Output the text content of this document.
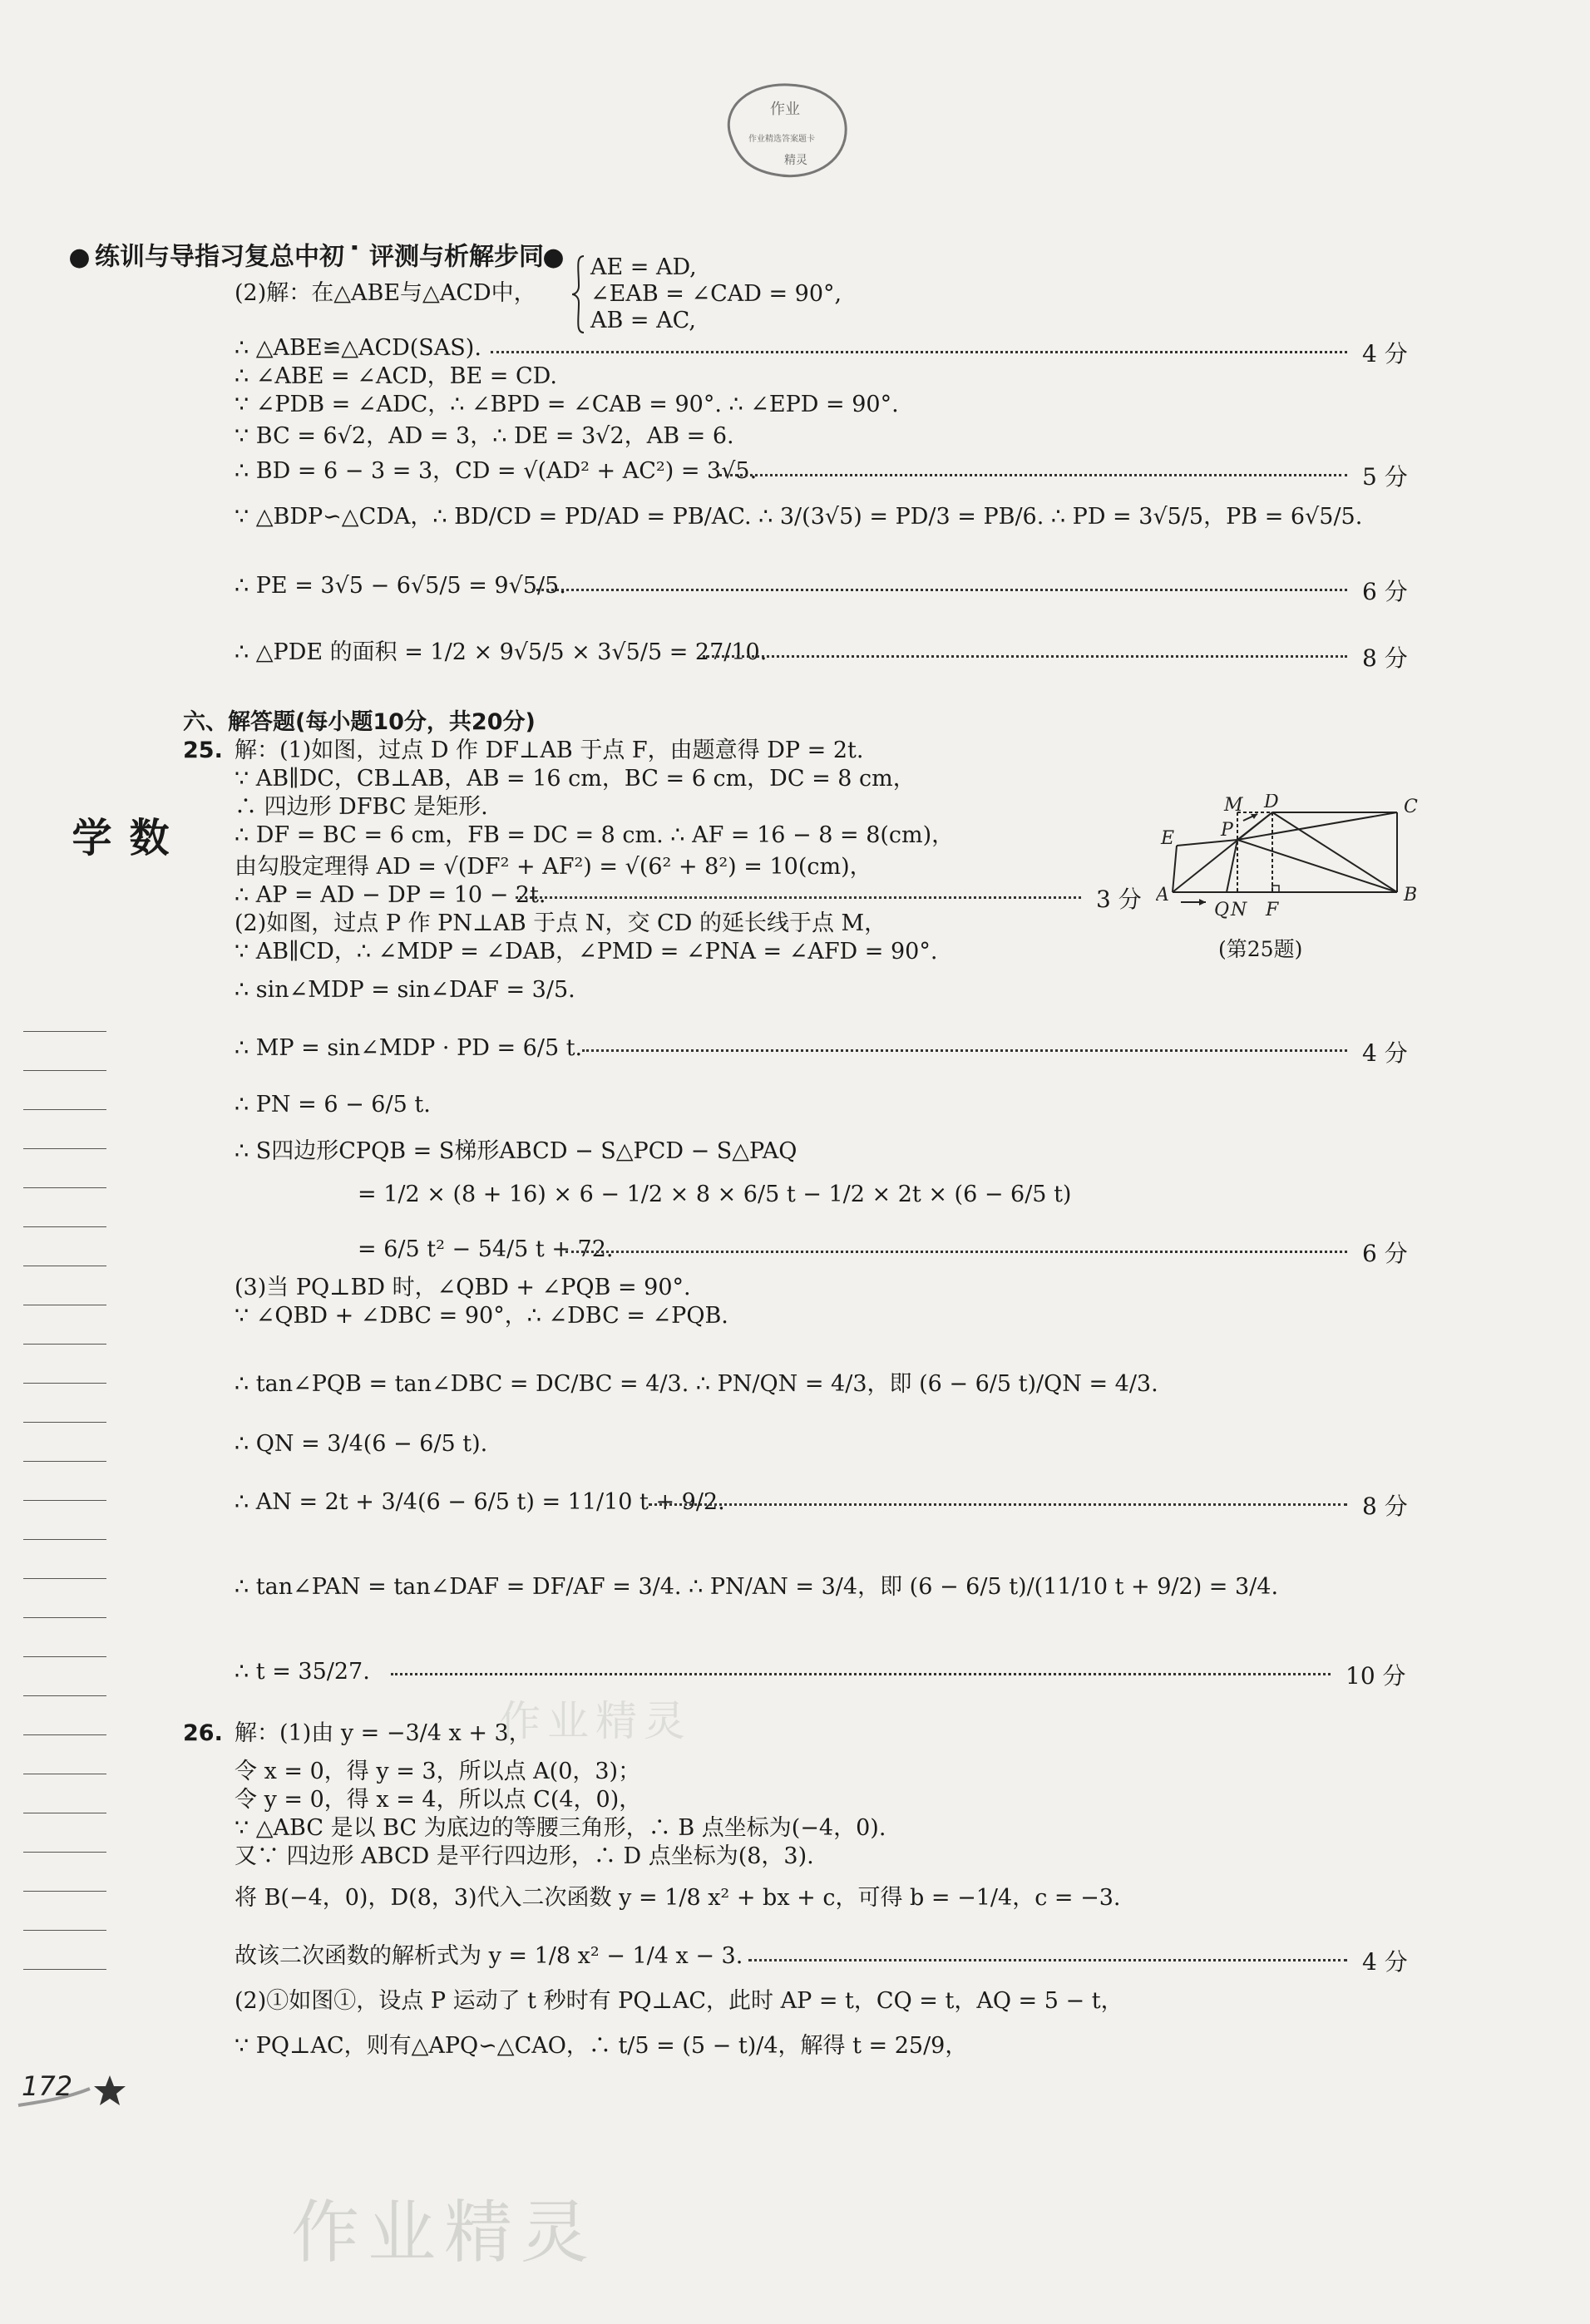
作业
作业精选答案题卡
精灵
●同步解析与测评·初中总复习指导与训练●
数学
(2)解：在△ABE与△ACD中，
AE = AD,
∠EAB = ∠CAD = 90°,
AB = AC,
∴ △ABE≌△ACD(SAS).	4 分
∴ ∠ABE = ∠ACD，BE = CD.
∵ ∠PDB = ∠ADC，∴ ∠BPD = ∠CAB = 90°. ∴ ∠EPD = 90°.
∵ BC = 6√2，AD = 3，∴ DE = 3√2，AB = 6.
∴ BD = 6 − 3 = 3，CD = √(AD² + AC²) = 3√5.	5 分
∵ △BDP∽△CDA，∴ BD/CD = PD/AD = PB/AC. ∴ 3/(3√5) = PD/3 = PB/6. ∴ PD = 3√5/5，PB = 6√5/5.
∴ PE = 3√5 − 6√5/5 = 9√5/5.	6 分
∴ △PDE 的面积 = 1/2 × 9√5/5 × 3√5/5 = 27/10.	8 分
六、解答题(每小题10分，共20分)
25. 解：(1)如图，过点 D 作 DF⊥AB 于点 F，由题意得 DP = 2t.
∵ AB∥DC，CB⊥AB，AB = 16 cm，BC = 6 cm，DC = 8 cm，
∴ 四边形 DFBC 是矩形.
∴ DF = BC = 6 cm，FB = DC = 8 cm. ∴ AF = 16 − 8 = 8(cm)，
由勾股定理得 AD = √(DF² + AF²) = √(6² + 8²) = 10(cm)，
∴ AP = AD − DP = 10 − 2t.	3 分
M D	C
E	P
A
Q N F
B
(第25题)
(2)如图，过点 P 作 PN⊥AB 于点 N，交 CD 的延长线于点 M，
∵ AB∥CD，∴ ∠MDP = ∠DAB，∠PMD = ∠PNA = ∠AFD = 90°.
∴ sin∠MDP = sin∠DAF = 3/5.
∴ MP = sin∠MDP · PD = 6/5 t.	4 分
∴ PN = 6 − 6/5 t.
∴ S四边形CPQB = S梯形ABCD − S△PCD − S△PAQ
= 1/2 × (8 + 16) × 6 − 1/2 × 8 × 6/5 t − 1/2 × 2t × (6 − 6/5 t)
= 6/5 t² − 54/5 t + 72.	6 分
(3)当 PQ⊥BD 时，∠QBD + ∠PQB = 90°.
∵ ∠QBD + ∠DBC = 90°，∴ ∠DBC = ∠PQB.
∴ tan∠PQB = tan∠DBC = DC/BC = 4/3. ∴ PN/QN = 4/3，即 (6 − 6/5 t)/QN = 4/3.
∴ QN = 3/4(6 − 6/5 t).
∴ AN = 2t + 3/4(6 − 6/5 t) = 11/10 t + 9/2.	8 分
∴ tan∠PAN = tan∠DAF = DF/AF = 3/4. ∴ PN/AN = 3/4，即 (6 − 6/5 t)/(11/10 t + 9/2) = 3/4.
∴ t = 35/27.	10 分
26. 解：(1)由 y = −3/4 x + 3，
令 x = 0，得 y = 3，所以点 A(0，3)；
令 y = 0，得 x = 4，所以点 C(4，0)，
∵ △ABC 是以 BC 为底边的等腰三角形，∴ B 点坐标为(−4，0).
又∵ 四边形 ABCD 是平行四边形，∴ D 点坐标为(8，3).
将 B(−4，0)，D(8，3)代入二次函数 y = 1/8 x² + bx + c，可得 b = −1/4，c = −3.
故该二次函数的解析式为 y = 1/8 x² − 1/4 x − 3.	4 分
(2)①如图①，设点 P 运动了 t 秒时有 PQ⊥AC，此时 AP = t，CQ = t，AQ = 5 − t，
∵ PQ⊥AC，则有△APQ∽△CAO，∴ t/5 = (5 − t)/4，解得 t = 25/9，
作业精灵
172
作业精灵
